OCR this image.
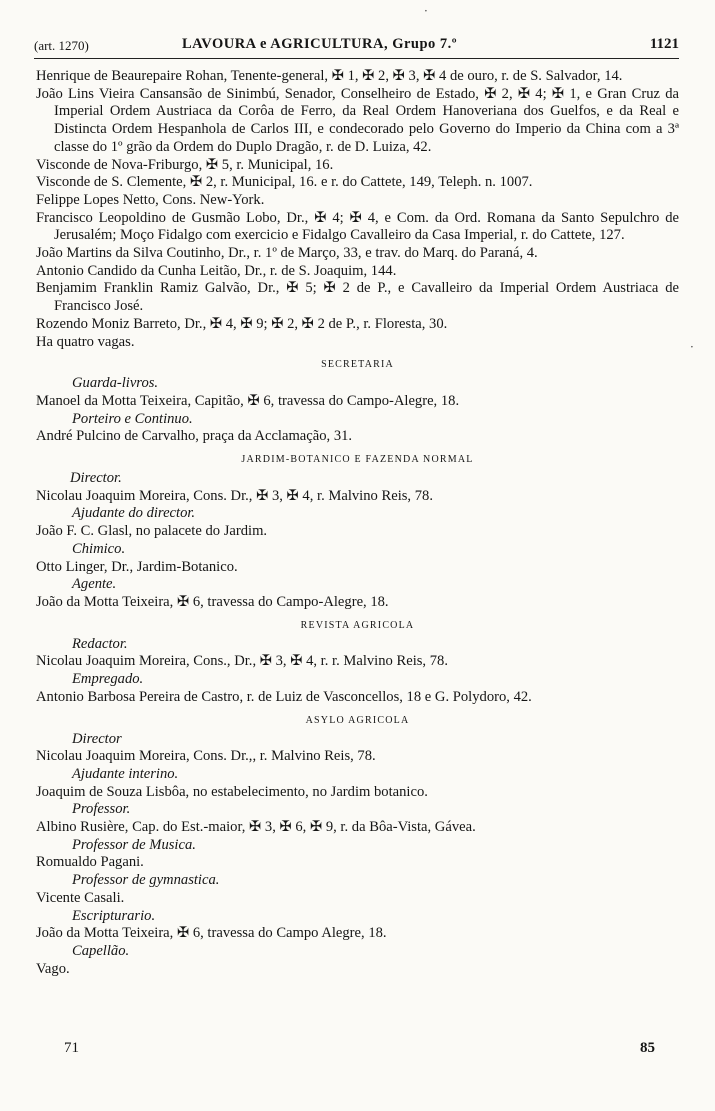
(art. 1270)	LAVOURA e AGRICULTURA, Grupo 7.º	1121
Henrique de Beaurepaire Rohan, Tenente-general, ✠ 1, ✠ 2, ✠ 3, ✠ 4 de ouro, r. de S. Salvador, 14.
João Lins Vieira Cansansão de Sinimbú, Senador, Conselheiro de Estado, ✠ 2, ✠ 4; ✠ 1, e Gran Cruz da Imperial Ordem Austriaca da Corôa de Ferro, da Real Ordem Hanoveriana dos Guelfos, e da Real e Distincta Ordem Hespanhola de Carlos III, e condecorado pelo Governo do Imperio da China com a 3ª classe do 1º grão da Ordem do Duplo Dragão, r. de D. Luiza, 42.
Visconde de Nova-Friburgo, ✠ 5, r. Municipal, 16.
Visconde de S. Clemente, ✠ 2, r. Municipal, 16. e r. do Cattete, 149, Teleph. n. 1007.
Felippe Lopes Netto, Cons. New-York.
Francisco Leopoldino de Gusmão Lobo, Dr., ✠ 4; ✠ 4, e Com. da Ord. Romana da Santo Sepulchro de Jerusalém; Moço Fidalgo com exercicio e Fidalgo Cavalleiro da Casa Imperial, r. do Cattete, 127.
João Martins da Silva Coutinho, Dr., r. 1º de Março, 33, e trav. do Marq. do Paraná, 4.
Antonio Candido da Cunha Leitão, Dr., r. de S. Joaquim, 144.
Benjamim Franklin Ramiz Galvão, Dr., ✠ 5; ✠ 2 de P., e Cavalleiro da Imperial Ordem Austriaca de Francisco José.
Rozendo Moniz Barreto, Dr., ✠ 4, ✠ 9; ✠ 2, ✠ 2 de P., r. Floresta, 30.
Ha quatro vagas.
SECRETARIA
Guarda-livros.
Manoel da Motta Teixeira, Capitão, ✠ 6, travessa do Campo-Alegre, 18.
Porteiro e Continuo.
André Pulcino de Carvalho, praça da Acclamação, 31.
JARDIM-BOTANICO E FAZENDA NORMAL
Director.
Nicolau Joaquim Moreira, Cons. Dr., ✠ 3, ✠ 4, r. Malvino Reis, 78.
Ajudante do director.
João F. C. Glasl, no palacete do Jardim.
Chimico.
Otto Linger, Dr., Jardim-Botanico.
Agente.
João da Motta Teixeira, ✠ 6, travessa do Campo-Alegre, 18.
REVISTA AGRICOLA
Redactor.
Nicolau Joaquim Moreira, Cons., Dr., ✠ 3, ✠ 4, r. r. Malvino Reis, 78.
Empregado.
Antonio Barbosa Pereira de Castro, r. de Luiz de Vasconcellos, 18 e G. Polydoro, 42.
ASYLO AGRICOLA
Director
Nicolau Joaquim Moreira, Cons. Dr.,, r. Malvino Reis, 78.
Ajudante interino.
Joaquim de Souza Lisbôa, no estabelecimento, no Jardim botanico.
Professor.
Albino Rusière, Cap. do Est.-maior, ✠ 3, ✠ 6, ✠ 9, r. da Bôa-Vista, Gávea.
Professor de Musica.
Romualdo Pagani.
Professor de gymnastica.
Vicente Casali.
Escripturario.
João da Motta Teixeira, ✠ 6, travessa do Campo Alegre, 18.
Capellão.
Vago.
71	85
·
·
